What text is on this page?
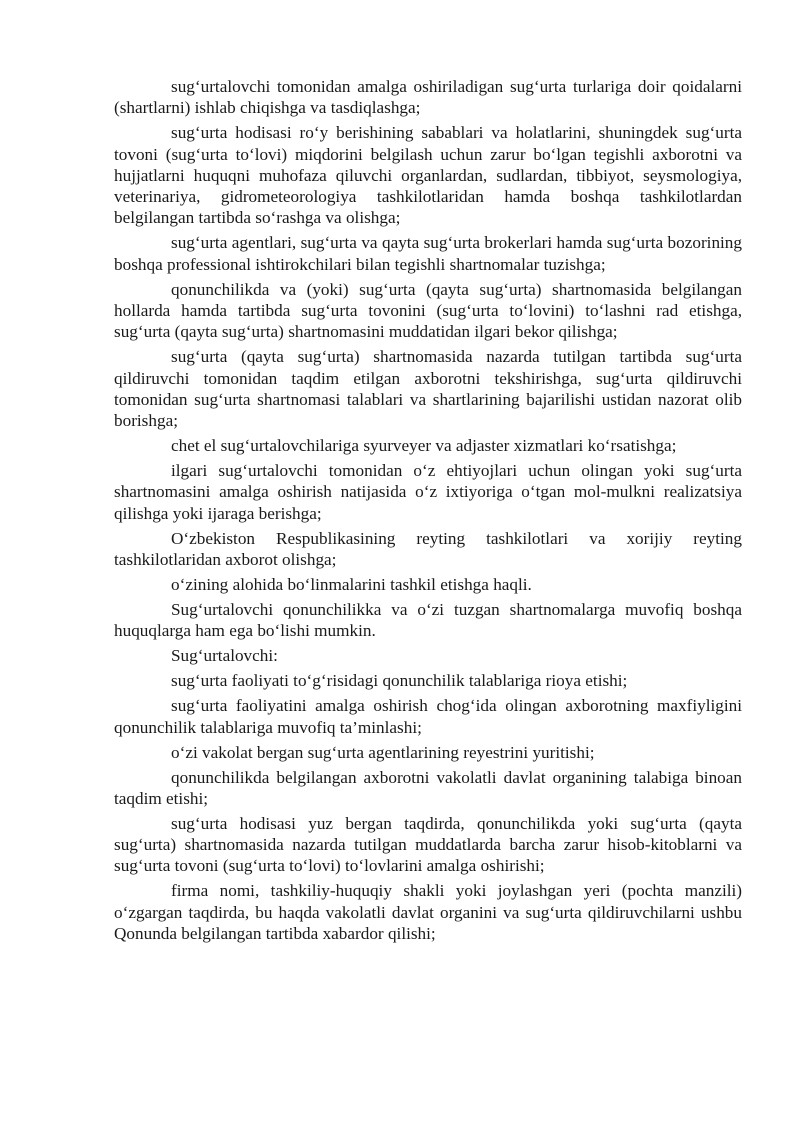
sug‘urtalovchi tomonidan amalga oshiriladigan sug‘urta turlariga doir qoidalarni (shartlarni) ishlab chiqishga va tasdiqlashga;

sug‘urta hodisasi ro‘y berishining sabablari va holatlarini, shuningdek sug‘urta tovoni (sug‘urta to‘lovi) miqdorini belgilash uchun zarur bo‘lgan tegishli axborotni va hujjatlarni huquqni muhofaza qiluvchi organlardan, sudlardan, tibbiyot, seysmologiya, veterinariya, gidrometeorologiya tashkilotlaridan hamda boshqa tashkilotlardan belgilangan tartibda so‘rashga va olishga;

sug‘urta agentlari, sug‘urta va qayta sug‘urta brokerlari hamda sug‘urta bozorining boshqa professional ishtirokchilari bilan tegishli shartnomalar tuzishga;

qonunchilikda va (yoki) sug‘urta (qayta sug‘urta) shartnomasida belgilangan hollarda hamda tartibda sug‘urta tovonini (sug‘urta to‘lovini) to‘lashni rad etishga, sug‘urta (qayta sug‘urta) shartnomasini muddatidan ilgari bekor qilishga;

sug‘urta (qayta sug‘urta) shartnomasida nazarda tutilgan tartibda sug‘urta qildiruvchi tomonidan taqdim etilgan axborotni tekshirishga, sug‘urta qildiruvchi tomonidan sug‘urta shartnomasi talablari va shartlarining bajarilishi ustidan nazorat olib borishga;

chet el sug‘urtalovchilariga syurveyer va adjaster xizmatlari ko‘rsatishga;

ilgari sug‘urtalovchi tomonidan o‘z ehtiyojlari uchun olingan yoki sug‘urta shartnomasini amalga oshirish natijasida o‘z ixtiyoriga o‘tgan mol-mulkni realizatsiya qilishga yoki ijaraga berishga;

O‘zbekiston Respublikasining reyting tashkilotlari va xorijiy reyting tashkilotlaridan axborot olishga;

o‘zining alohida bo‘linmalarini tashkil etishga haqli.

Sug‘urtalovchi qonunchilikka va o‘zi tuzgan shartnomalarga muvofiq boshqa huquqlarga ham ega bo‘lishi mumkin.

Sug‘urtalovchi:

sug‘urta faoliyati to‘g‘risidagi qonunchilik talablariga rioya etishi;

sug‘urta faoliyatini amalga oshirish chog‘ida olingan axborotning maxfiyligini qonunchilik talablariga muvofiq ta’minlashi;

o‘zi vakolat bergan sug‘urta agentlarining reyestrini yuritishi;

qonunchilikda belgilangan axborotni vakolatli davlat organining talabiga binoan taqdim etishi;

sug‘urta hodisasi yuz bergan taqdirda, qonunchilikda yoki sug‘urta (qayta sug‘urta) shartnomasida nazarda tutilgan muddatlarda barcha zarur hisob-kitoblarni va sug‘urta tovoni (sug‘urta to‘lovi) to‘lovlarini amalga oshirishi;

firma nomi, tashkiliy-huquqiy shakli yoki joylashgan yeri (pochta manzili) o‘zgargan taqdirda, bu haqda vakolatli davlat organini va sug‘urta qildiruvchilarni ushbu Qonunda belgilangan tartibda xabardor qilishi;
